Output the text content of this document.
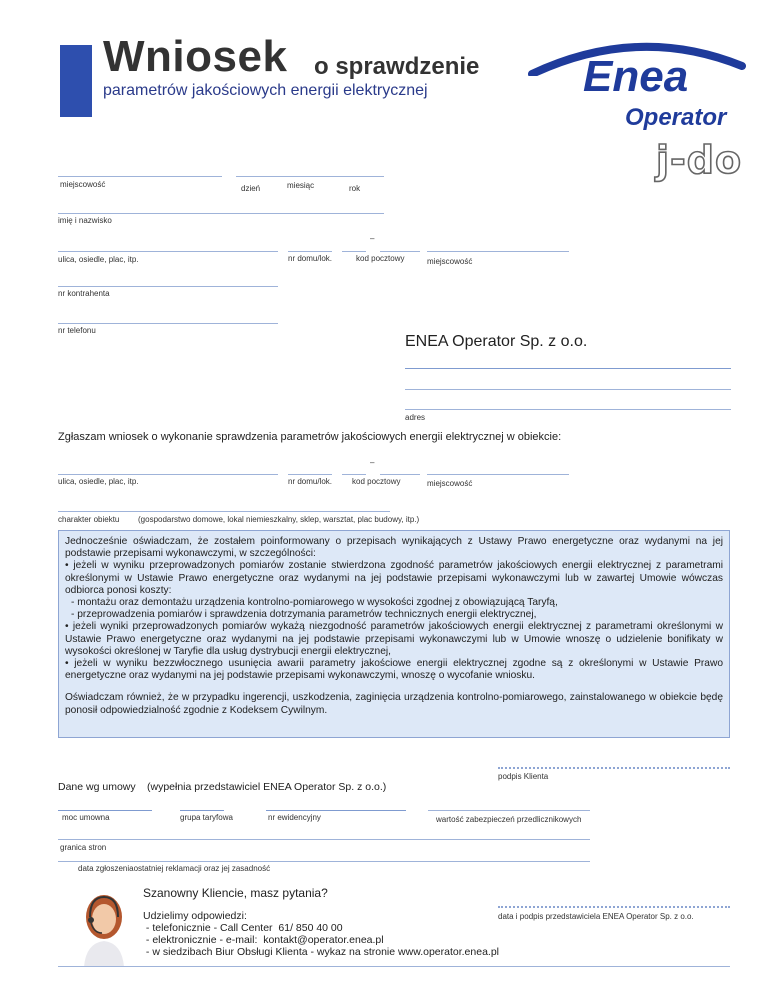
Wniosek o sprawdzenie
parametrów jakościowych energii elektrycznej	Enea
Operator
j-do
miejscowość	dzień	miesiąc	rok
imię i nazwisko
–
ulica, osiedle, plac, itp.	nr domu/lok.	kod pocztowy	miejscowość
nr kontrahenta
nr telefonu
ENEA Operator Sp. z o.o.
adres
Zgłaszam wniosek o wykonanie sprawdzenia parametrów jakościowych energii elektrycznej w obiekcie:
–
ulica, osiedle, plac, itp.	nr domu/lok. kod pocztowy	miejscowość
charakter obiektu (gospodarstwo domowe, lokal niemieszkalny, sklep, warsztat, plac budowy, itp.)

Jednocześnie oświadczam, że zostałem poinformowany o przepisach wynikających z Ustawy Prawo energetyczne oraz wydanymi na jej podstawie przepisami wykonawczymi, w szczególności:

• jeżeli w wyniku przeprowadzonych pomiarów zostanie stwierdzona zgodność parametrów jakościowych energii elektrycznej z parametrami określonymi w Ustawie Prawo energetyczne oraz wydanymi na jej podstawie przepisami wykonawczymi lub w zawartej Umowie wówczas odbiorca ponosi koszty:

- montażu oraz demontażu urządzenia kontrolno-pomiarowego w wysokości zgodnej z obowiązującą Taryfą,

- przeprowadzenia pomiarów i sprawdzenia dotrzymania parametrów technicznych energii elektrycznej,

• jeżeli wyniki przeprowadzonych pomiarów wykażą niezgodność parametrów jakościowych energii elektrycznej z parametrami określonymi w Ustawie Prawo energetyczne oraz wydanymi na jej podstawie przepisami wykonawczymi lub w Umowie wnoszę o udzielenie bonifikaty w wysokości określonej w Taryfie dla usług dystrybucji energii elektrycznej,

• jeżeli w wyniku bezzwłocznego usunięcia awarii parametry jakościowe energii elektrycznej zgodne są z określonymi w Ustawie Prawo energetyczne oraz wydanymi na jej podstawie przepisami wykonawczymi, wnoszę o wycofanie wniosku.

Oświadczam również, że w przypadku ingerencji, uszkodzenia, zaginięcia urządzenia kontrolno-pomiarowego, zainstalowanego w obiekcie będę ponosił odpowiedzialność zgodnie z Kodeksem Cywilnym.

podpis Klienta
Dane wg umowy (wypełnia przedstawiciel ENEA Operator Sp. z o.o.)
moc umowna	grupa taryfowa	nr ewidencyjny	wartość zabezpieczeń przedlicznikowych
granica stron
data zgłoszeniaostatniej reklamacji oraz jej zasadność
data i podpis przedstawiciela ENEA Operator Sp. z o.o.
Szanowny Kliencie, masz pytania?
Udzielimy odpowiedzi:
- telefonicznie - Call Center  61/ 850 40 00
- elektronicznie - e-mail:  kontakt@operator.enea.pl
- w siedzibach Biur Obsługi Klienta - wykaz na stronie www.operator.enea.pl
